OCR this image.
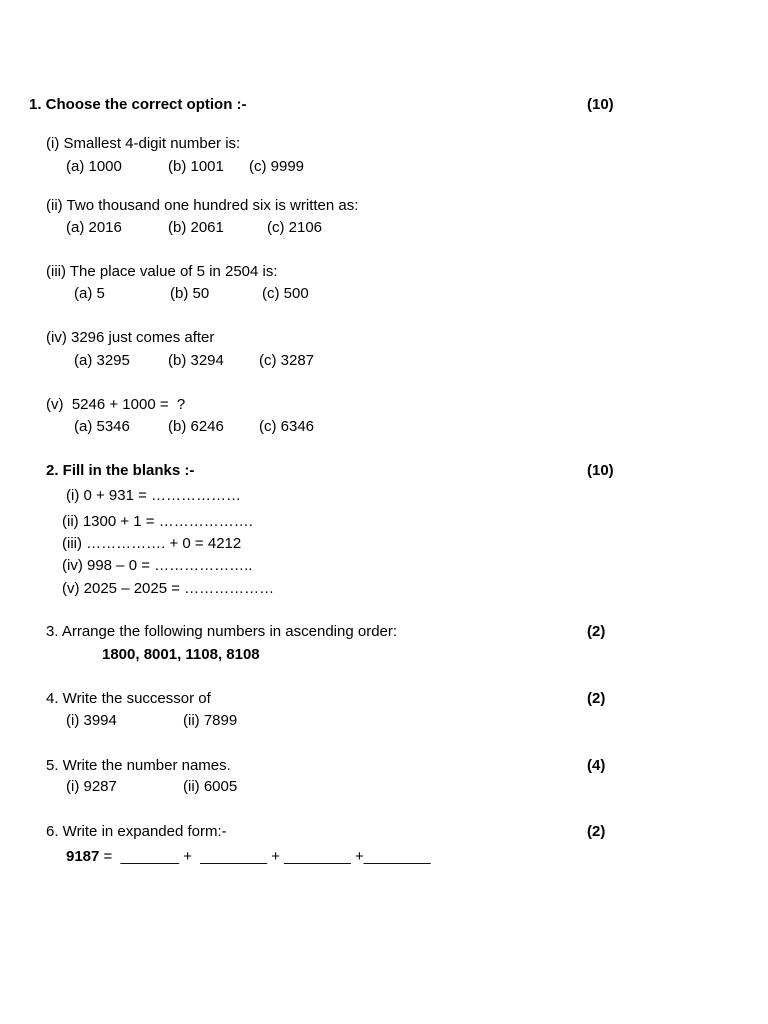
1. Choose the correct option :-	(10)
(i) Smallest 4-digit number is:
(a) 1000	(b) 1001 (c) 9999
(ii) Two thousand one hundred six is written as:
(a) 2016	(b) 2061	(c) 2106
(iii) The place value of 5 in 2504 is:
(a) 5	(b) 50	(c) 500
(iv) 3296 just comes after
(a) 3295	(b) 3294 (c) 3287
(v)  5246 + 1000 =  ?
(a) 5346	(b) 6246 (c) 6346
2. Fill in the blanks :-	(10)
(i) 0 + 931 = ………………
(ii) 1300 + 1 = ……………….
(iii) ……………. + 0 = 4212
(iv) 998 – 0 = ………………..
(v) 2025 – 2025 = ………………
3. Arrange the following numbers in ascending order:	(2)
1800, 8001, 1108, 8108
4. Write the successor of	(2)
(i) 3994	(ii) 7899
5. Write the number names.	(4)
(i) 9287	(ii) 6005
6. Write in expanded form:-	(2)
9187 =  _______ +  ________ + ________ +________
